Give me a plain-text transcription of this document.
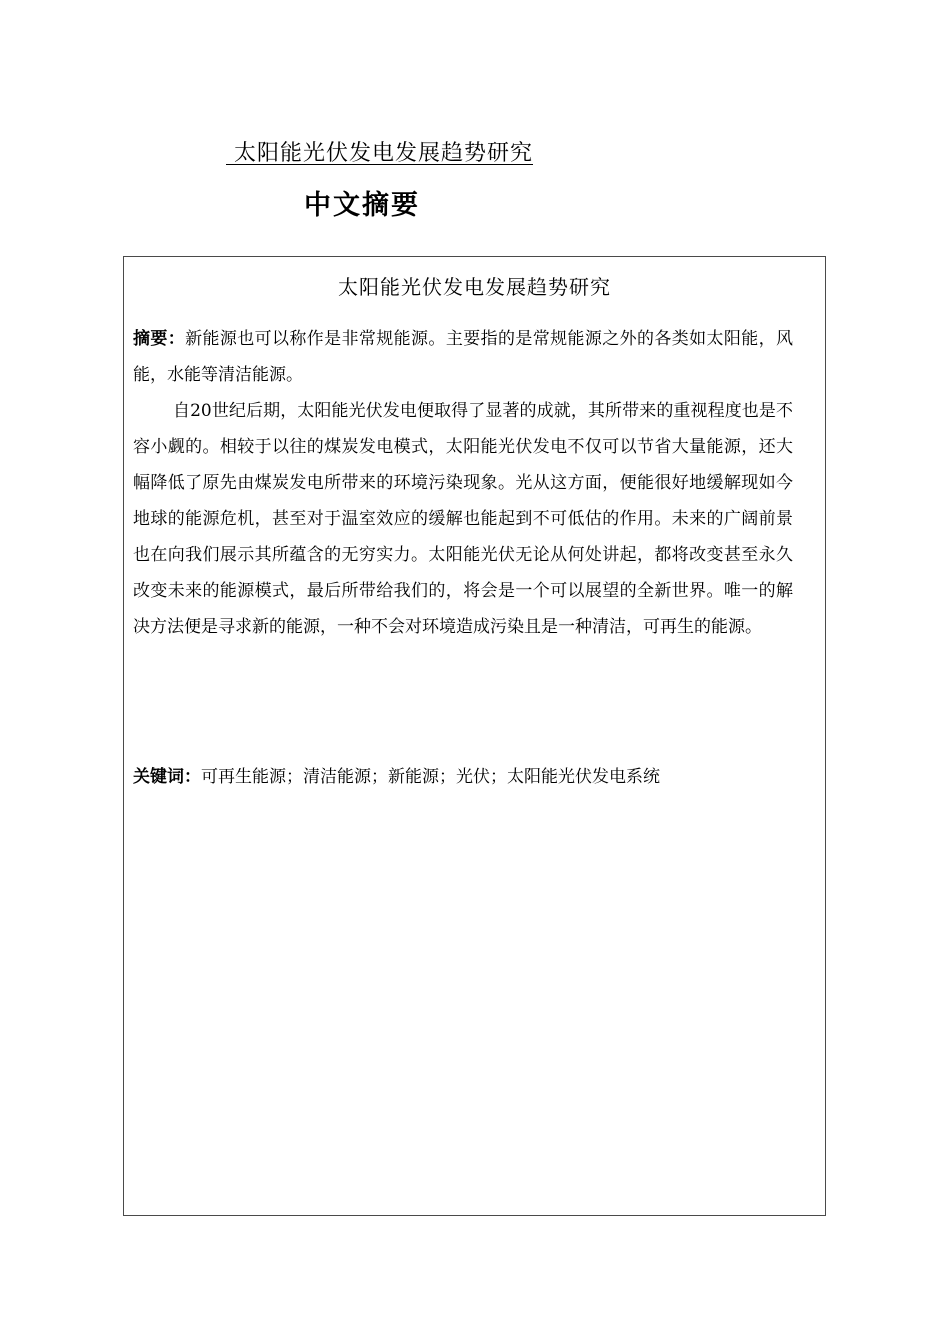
太阳能光伏发电发展趋势研究
中文摘要
太阳能光伏发电发展趋势研究

摘要：新能源也可以称作是非常规能源。主要指的是常规能源之外的各类如太阳能，风能，水能等清洁能源。

自20世纪后期，太阳能光伏发电便取得了显著的成就，其所带来的重视程度也是不容小觑的。相较于以往的煤炭发电模式，太阳能光伏发电不仅可以节省大量能源，还大幅降低了原先由煤炭发电所带来的环境污染现象。光从这方面，便能很好地缓解现如今地球的能源危机，甚至对于温室效应的缓解也能起到不可低估的作用。未来的广阔前景也在向我们展示其所蕴含的无穷实力。太阳能光伏无论从何处讲起，都将改变甚至永久改变未来的能源模式，最后所带给我们的，将会是一个可以展望的全新世界。唯一的解决方法便是寻求新的能源，一种不会对环境造成污染且是一种清洁，可再生的能源。

关键词：可再生能源；清洁能源；新能源；光伏；太阳能光伏发电系统
